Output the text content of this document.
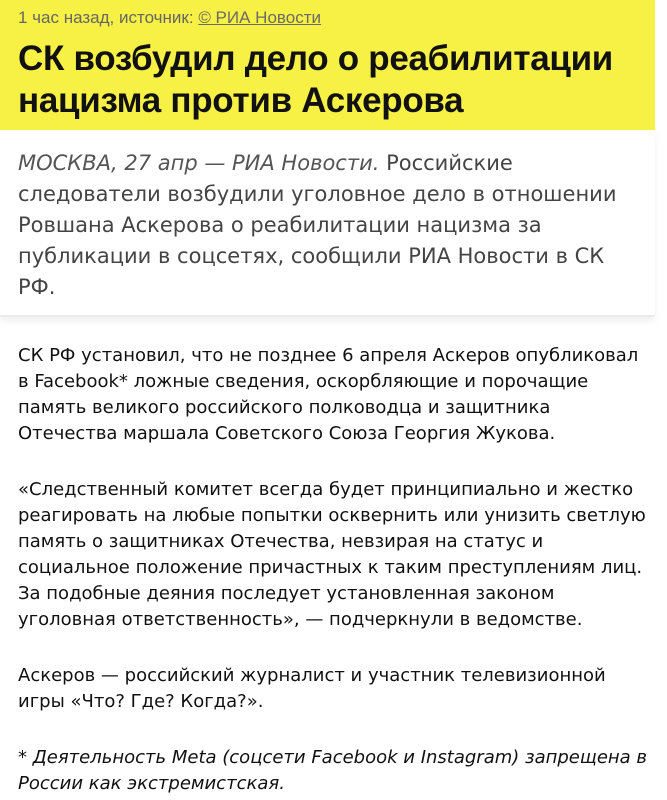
1 час назад, источник: © РИА Новости
СК возбудил дело о реабилитации нацизма против Аскерова

МОСКВА, 27 апр — РИА Новости. Российские следователи возбудили уголовное дело в отношении Ровшана Аскерова о реабилитации нацизма за публикации в соцсетях, сообщили РИА Новости в СК РФ.

СК РФ установил, что не позднее 6 апреля Аскеров опубликовал в Facebook* ложные сведения, оскорбляющие и порочащие память великого российского полководца и защитника Отечества маршала Советского Союза Георгия Жукова.

«Следственный комитет всегда будет принципиально и жестко реагировать на любые попытки осквернить или унизить светлую память о защитниках Отечества, невзирая на статус и социальное положение причастных к таким преступлениям лиц. За подобные деяния последует установленная законом уголовная ответственность», — подчеркнули в ведомстве.

Аскеров — российский журналист и участник телевизионной игры «Что? Где? Когда?».

* Деятельность Meta (соцсети Facebook и Instagram) запрещена в России как экстремистская.
